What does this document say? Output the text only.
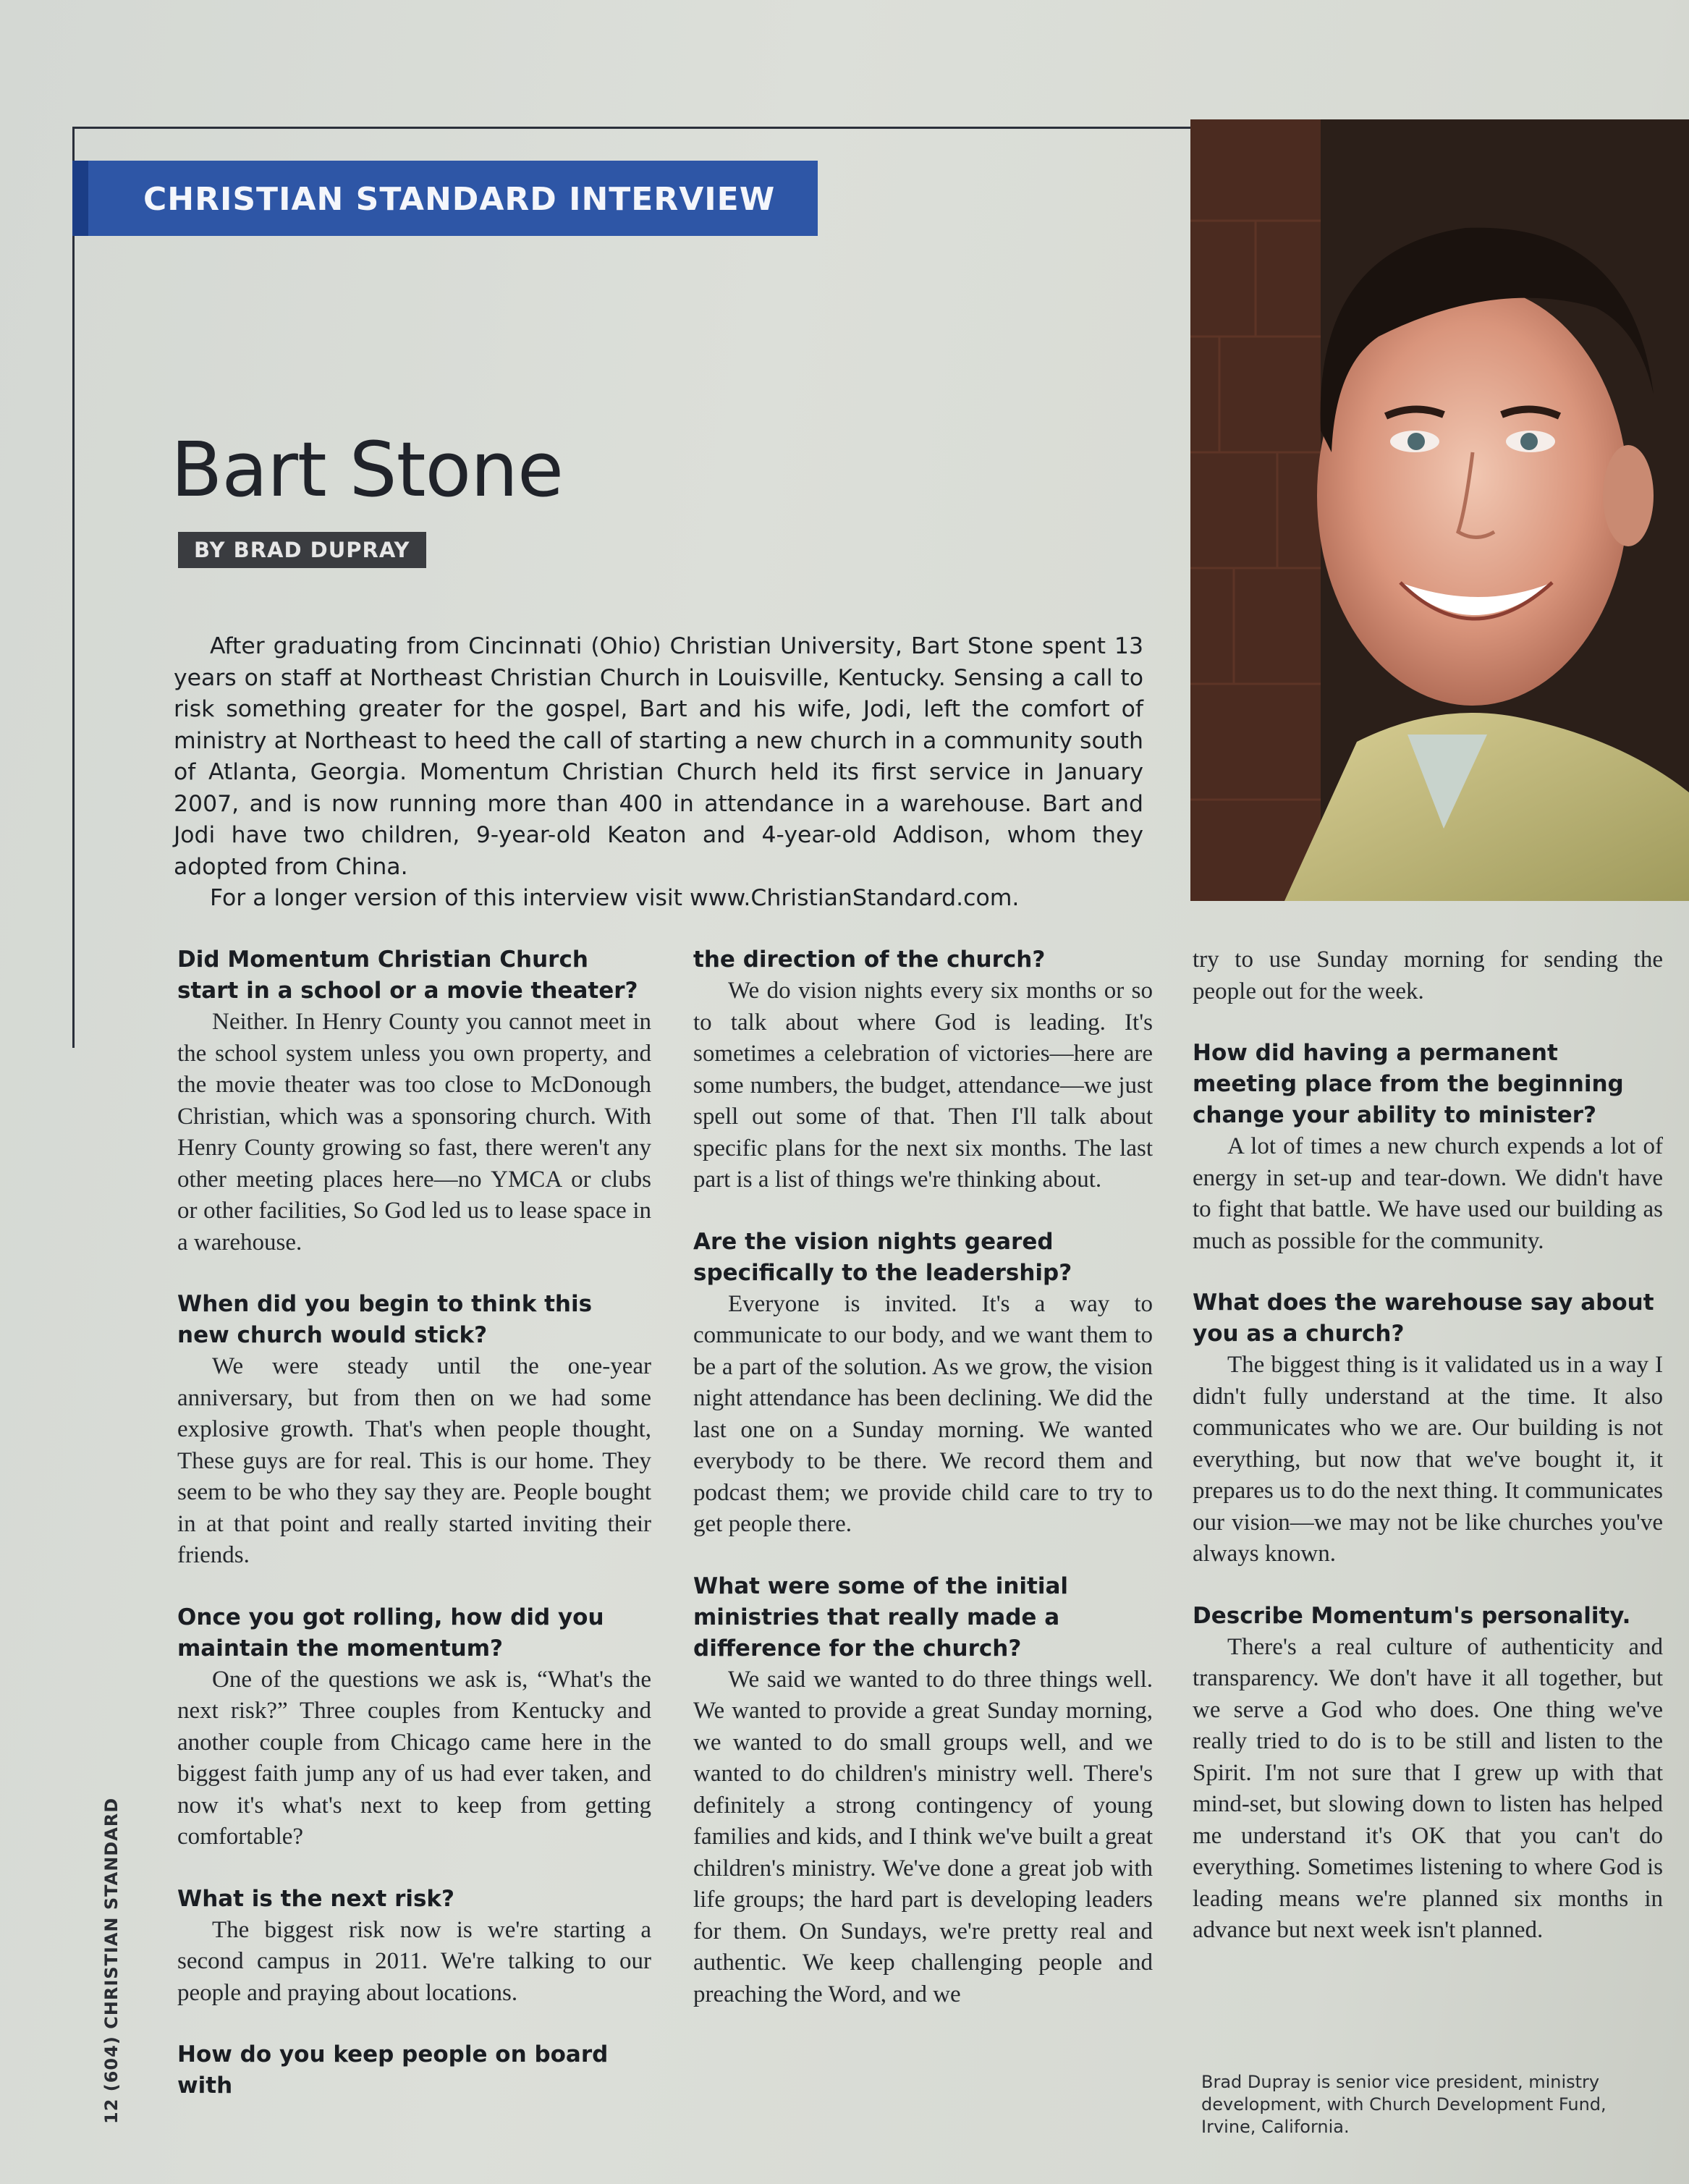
CHRISTIAN STANDARD INTERVIEW
Bart Stone
BY BRAD DUPRAY

After graduating from Cincinnati (Ohio) Christian University, Bart Stone spent 13 years on staff at Northeast Christian Church in Louisville, Kentucky. Sensing a call to risk something greater for the gospel, Bart and his wife, Jodi, left the comfort of ministry at Northeast to heed the call of starting a new church in a community south of Atlanta, Georgia. Momentum Christian Church held its first service in January 2007, and is now running more than 400 in attendance in a warehouse. Bart and Jodi have two children, 9-year-old Keaton and 4-year-old Addison, whom they adopted from China.

For a longer version of this interview visit www.ChristianStandard.com.

Did Momentum Christian Church start in a school or a movie theater?

Neither. In Henry County you cannot meet in the school system unless you own property, and the movie theater was too close to McDonough Christian, which was a sponsoring church. With Henry County growing so fast, there weren't any other meeting places here—no YMCA or clubs or other facilities, So God led us to lease space in a warehouse.

When did you begin to think this new church would stick?

We were steady until the one-year anniversary, but from then on we had some explosive growth. That's when people thought, These guys are for real. This is our home. They seem to be who they say they are. People bought in at that point and really started inviting their friends.

Once you got rolling, how did you maintain the momentum?

One of the questions we ask is, “What's the next risk?” Three couples from Kentucky and another couple from Chicago came here in the biggest faith jump any of us had ever taken, and now it's what's next to keep from getting comfortable?

What is the next risk?

The biggest risk now is we're starting a second campus in 2011. We're talking to our people and praying about locations.

How do you keep people on board with

the direction of the church?

We do vision nights every six months or so to talk about where God is leading. It's sometimes a celebration of victories—here are some numbers, the budget, attendance—we just spell out some of that. Then I'll talk about specific plans for the next six months. The last part is a list of things we're thinking about.

Are the vision nights geared specifically to the leadership?

Everyone is invited. It's a way to communicate to our body, and we want them to be a part of the solution. As we grow, the vision night attendance has been declining. We did the last one on a Sunday morning. We wanted everybody to be there. We record them and podcast them; we provide child care to try to get people there.

What were some of the initial ministries that really made a difference for the church?

We said we wanted to do three things well. We wanted to provide a great Sunday morning, we wanted to do small groups well, and we wanted to do children's ministry well. There's definitely a strong contingency of young families and kids, and I think we've built a great children's ministry. We've done a great job with life groups; the hard part is developing leaders for them. On Sundays, we're pretty real and authentic. We keep challenging people and preaching the Word, and we

try to use Sunday morning for sending the people out for the week.

How did having a permanent meeting place from the beginning change your ability to minister?

A lot of times a new church expends a lot of energy in set-up and tear-down. We didn't have to fight that battle. We have used our building as much as possible for the community.

What does the warehouse say about you as a church?

The biggest thing is it validated us in a way I didn't fully understand at the time. It also communicates who we are. Our building is not everything, but now that we've bought it, it prepares us to do the next thing. It communicates our vision—we may not be like churches you've always known.

Describe Momentum's personality.

There's a real culture of authenticity and transparency. We don't have it all together, but we serve a God who does. One thing we've really tried to do is to be still and listen to the Spirit. I'm not sure that I grew up with that mind-set, but slowing down to listen has helped me understand it's OK that you can't do everything. Sometimes listening to where God is leading means we're planned six months in advance but next week isn't planned.

Brad Dupray is senior vice president, ministry development, with Church Development Fund, Irvine, California.
12 (604) CHRISTIAN STANDARD
